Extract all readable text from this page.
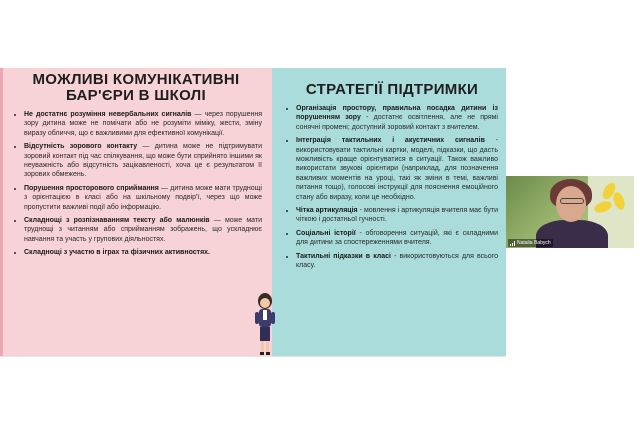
МОЖЛИВІ КОМУНІКАТИВНІ БАР'ЄРИ В ШКОЛІ
• Не достатнє розуміння невербальних сигналів — через порушення зору дитина може не помічати або не розуміти міміку, жести, зміну виразу обличчя, що є важливими для ефективної комунікації.
• Відсутність зорового контакту — дитина може не підтримувати зоровий контакт під час спілкування, що може бути сприйнято іншими як неуважність або відсутність зацікавленості, хоча це є результатом її зорових обмежень.
• Порушення просторового сприймання — дитина може мати труднощі з орієнтацією в класі або на шкільному подвір'ї, через що може пропустити важливі події або інформацію.
• Складнощі з розпізнаванням тексту або малюнків — може мати труднощі з читанням або сприйманням зображень, що ускладнює навчання та участь у групових діяльностях.
• Складнощі з участю в іграх та фізичних активностях.
СТРАТЕГІЇ ПІДТРИМКИ
• Організація простору, правильна посадка дитини із порушенням зору - достатнє освітлення, але не прямі сонячні промені; доступний зоровий контакт з вчителем.
• Інтеграція тактильних і акустичних сигналів - використовувати тактильні картки, моделі, підказки, що дасть можливість краще орієнтуватися в ситуації. Також важливо використати звукові орієнтири (наприклад, для позначення важливих моментів на уроці, такі як зміни в темі, важливі питання тощо), голосові інструкції для пояснення емоційного стану або виразу, коли це необхідно.
• Чітка артикуляція - мовлення і артикуляція вчителя має бути чіткою і достатньої гучності.
• Соціальні історії - обговорення ситуацій, які є складними для дитини за спостереженнями вчителя.
• Тактильні підказки в класі - використовуються для всього класу.
Natalia Babych
